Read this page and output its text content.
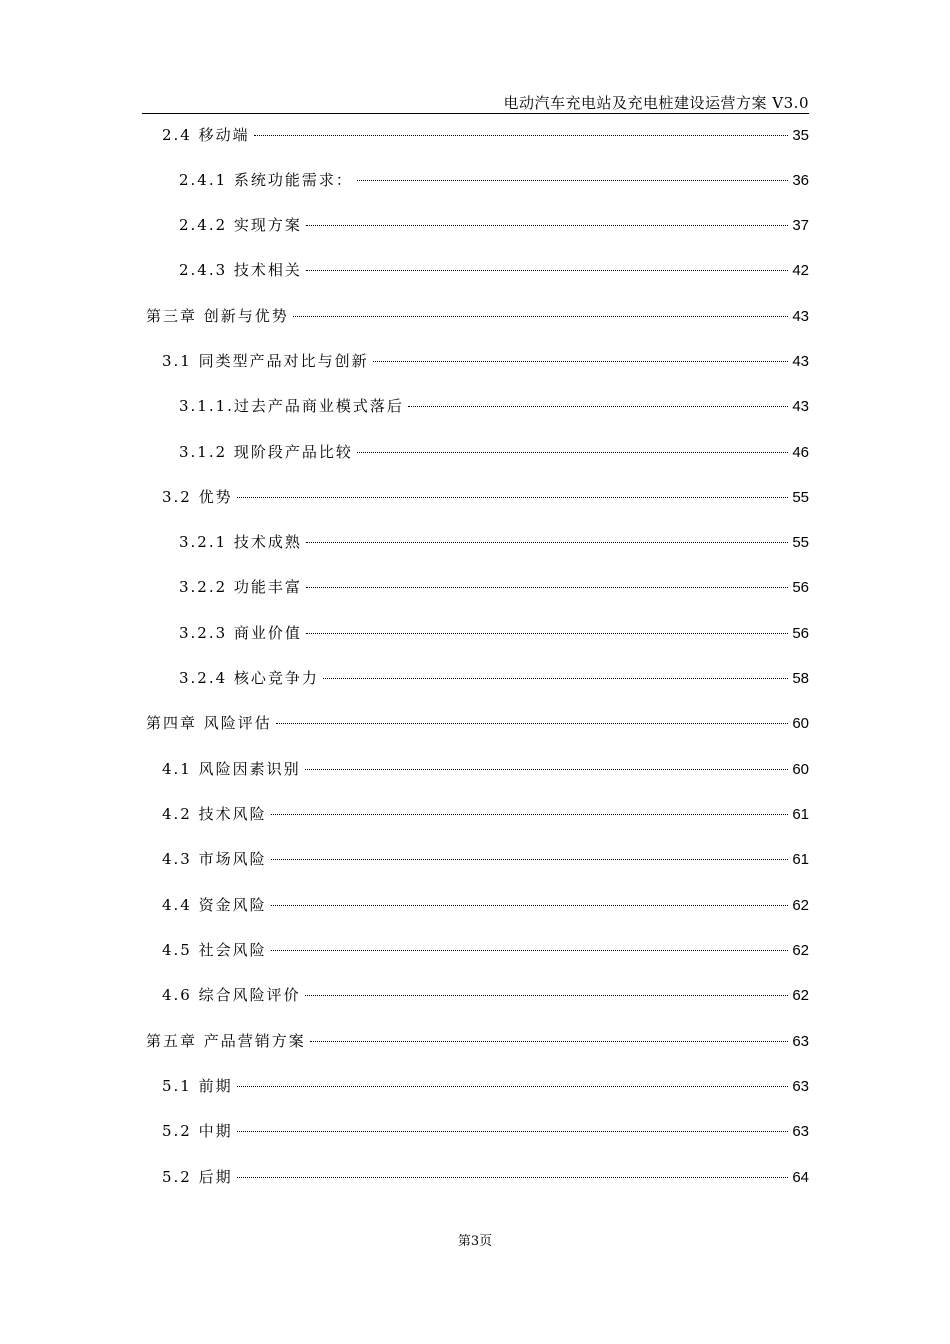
电动汽车充电站及充电桩建设运营方案 V3.0
2.4 移动端	35
2.4.1 系统功能需求：	36
2.4.2 实现方案	37
2.4.3 技术相关	42
第三章 创新与优势	43
3.1 同类型产品对比与创新	43
3.1.1.过去产品商业模式落后	43
3.1.2 现阶段产品比较	46
3.2 优势	55
3.2.1 技术成熟	55
3.2.2 功能丰富	56
3.2.3 商业价值	56
3.2.4 核心竞争力	58
第四章 风险评估	60
4.1 风险因素识别	60
4.2 技术风险	61
4.3 市场风险	61
4.4 资金风险	62
4.5 社会风险	62
4.6 综合风险评价	62
第五章 产品营销方案	63
5.1 前期	63
5.2 中期	63
5.2 后期	64
第3页
